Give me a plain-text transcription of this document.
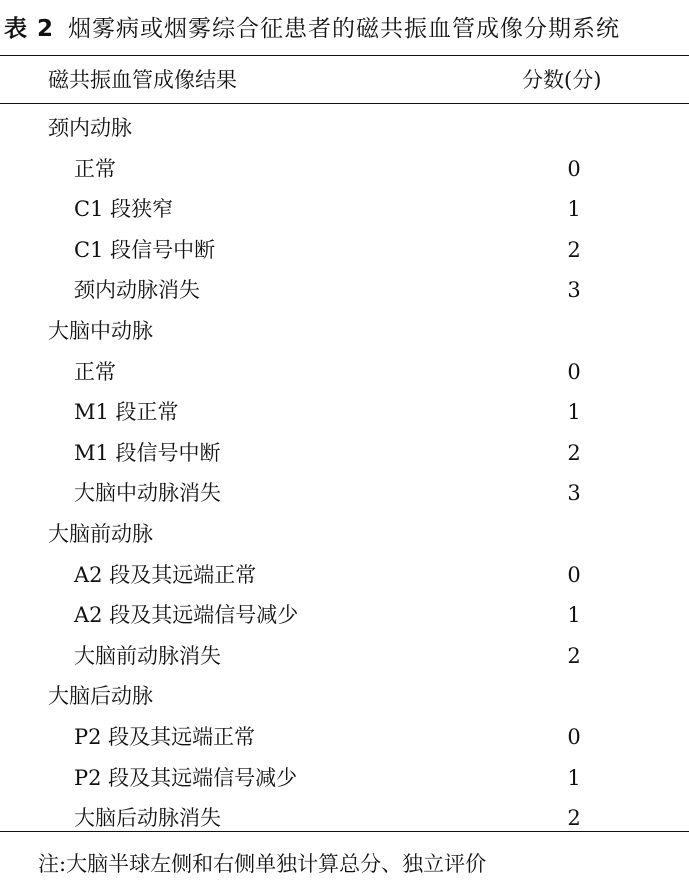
表 2 烟雾病或烟雾综合征患者的磁共振血管成像分期系统
磁共振血管成像结果	分数(分)
颈内动脉
正常	0
C1 段狭窄	1
C1 段信号中断	2
颈内动脉消失	3
大脑中动脉
正常	0
M1 段正常	1
M1 段信号中断	2
大脑中动脉消失	3
大脑前动脉
A2 段及其远端正常	0
A2 段及其远端信号减少	1
大脑前动脉消失	2
大脑后动脉
P2 段及其远端正常	0
P2 段及其远端信号减少	1
大脑后动脉消失	2
注:大脑半球左侧和右侧单独计算总分、独立评价
